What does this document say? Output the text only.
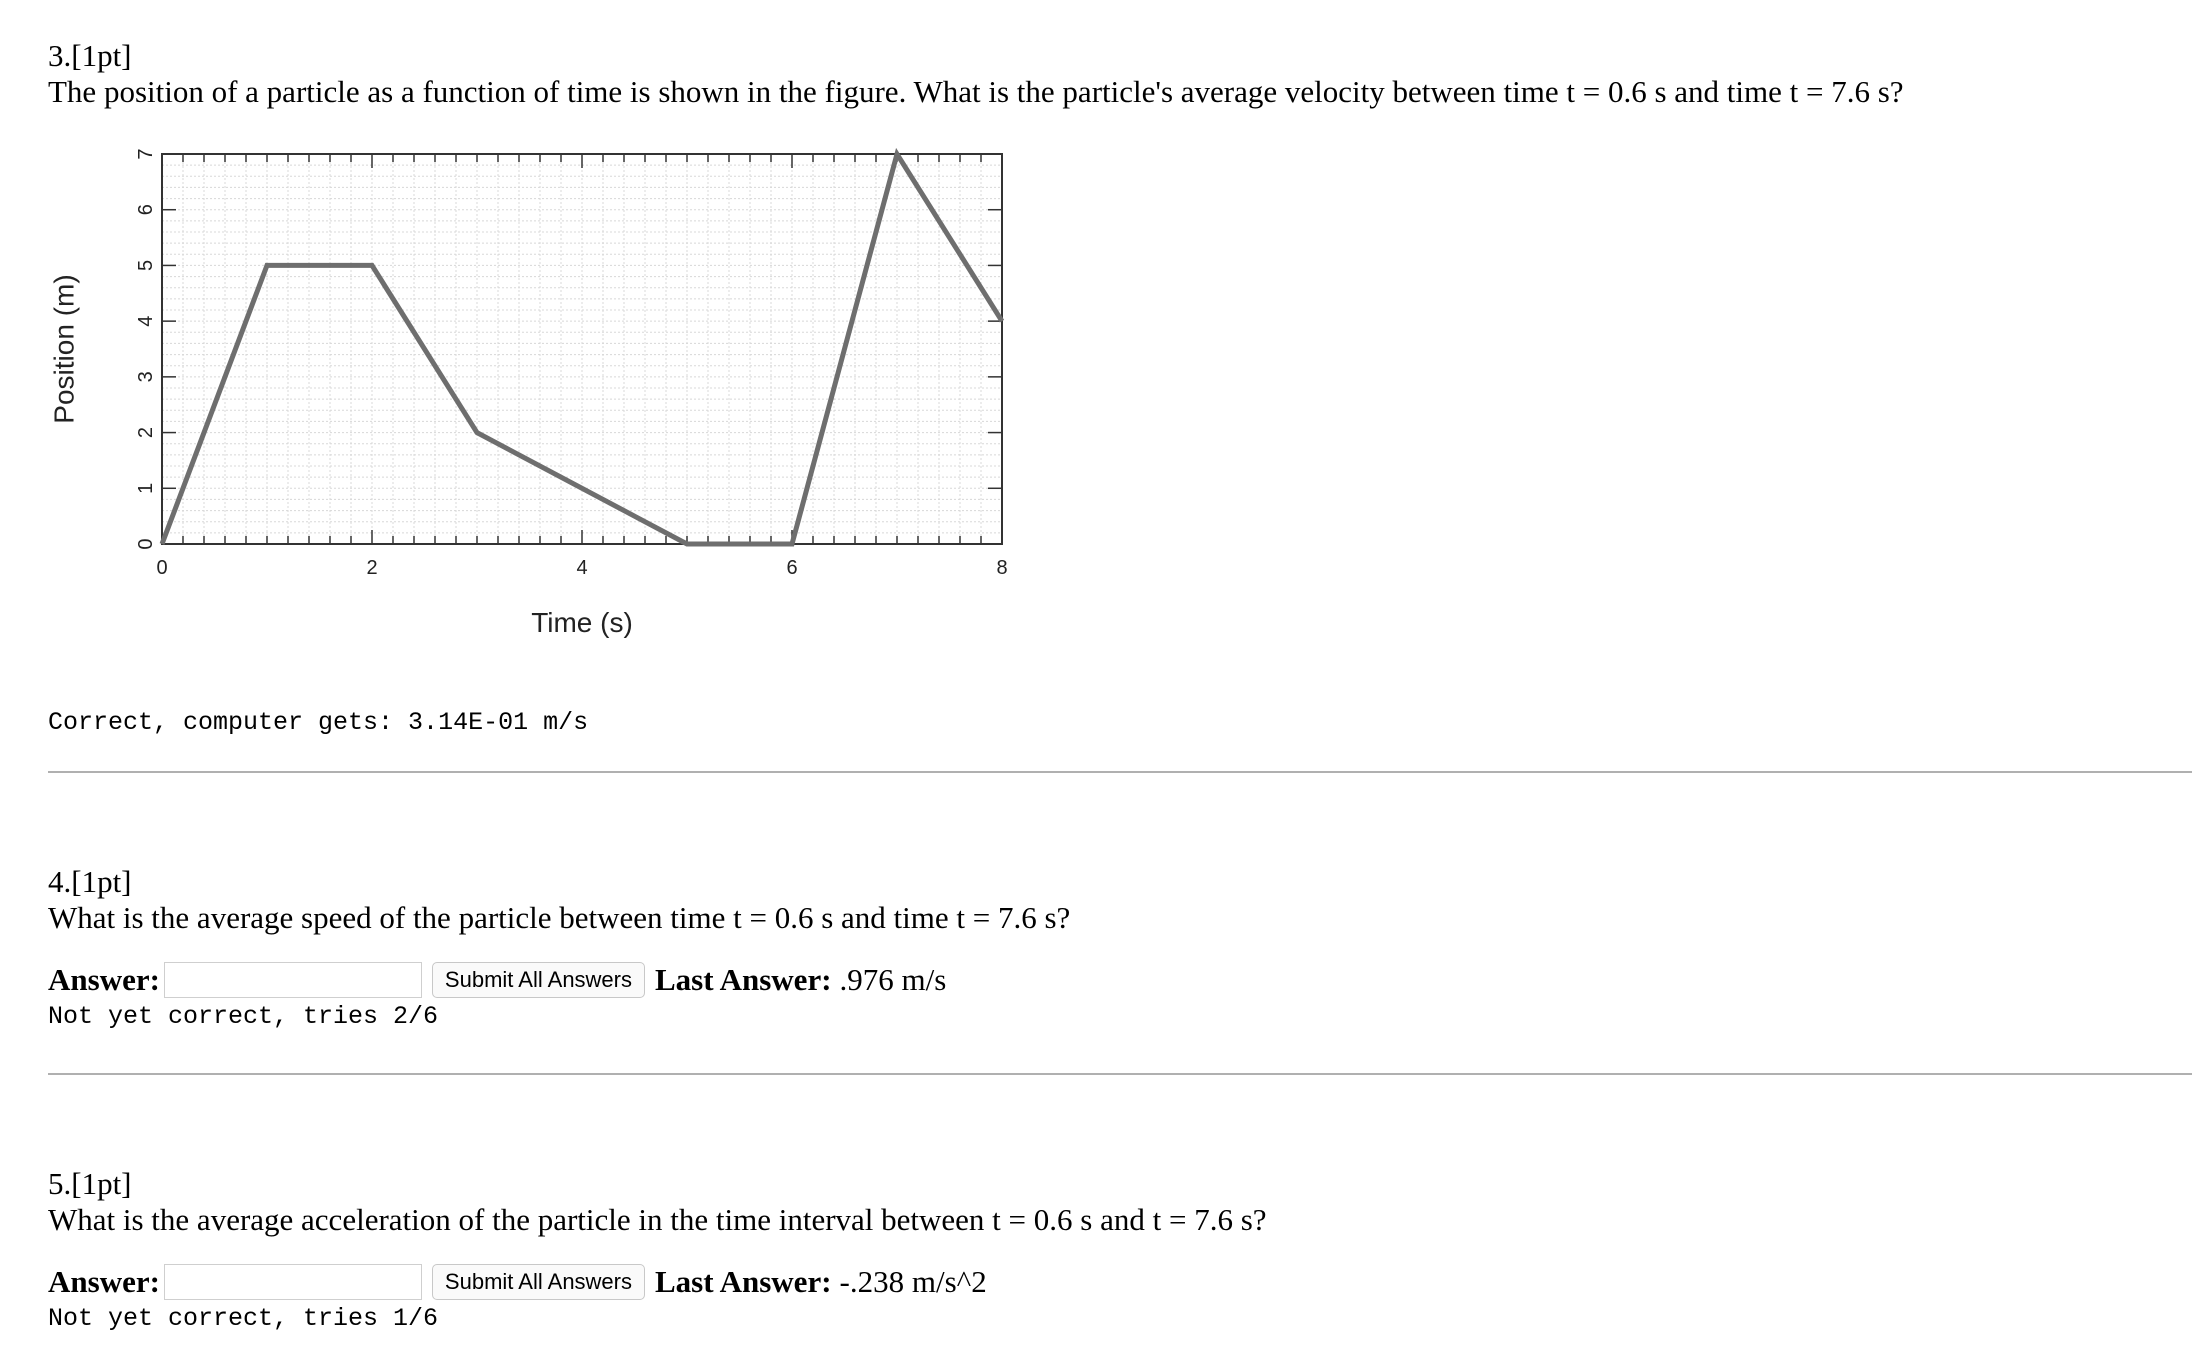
3.[1pt]

The position of a particle as a function of time is shown in the figure. What is the particle's average velocity between time t = 0.6 s and time t = 7.6 s?

0	2	4	6	8
0
1
2
3
4
5
6
7
Time (s)
Position (m)
Correct, computer gets: 3.14E-01 m/s

4.[1pt]

What is the average speed of the particle between time t = 0.6 s and time t = 7.6 s?

Answer:	Submit All Answers Last Answer: .976 m/s
Not yet correct, tries 2/6

5.[1pt]

What is the average acceleration of the particle in the time interval between t = 0.6 s and t = 7.6 s?

Answer:	Submit All Answers Last Answer: -.238 m/s^2
Not yet correct, tries 1/6
